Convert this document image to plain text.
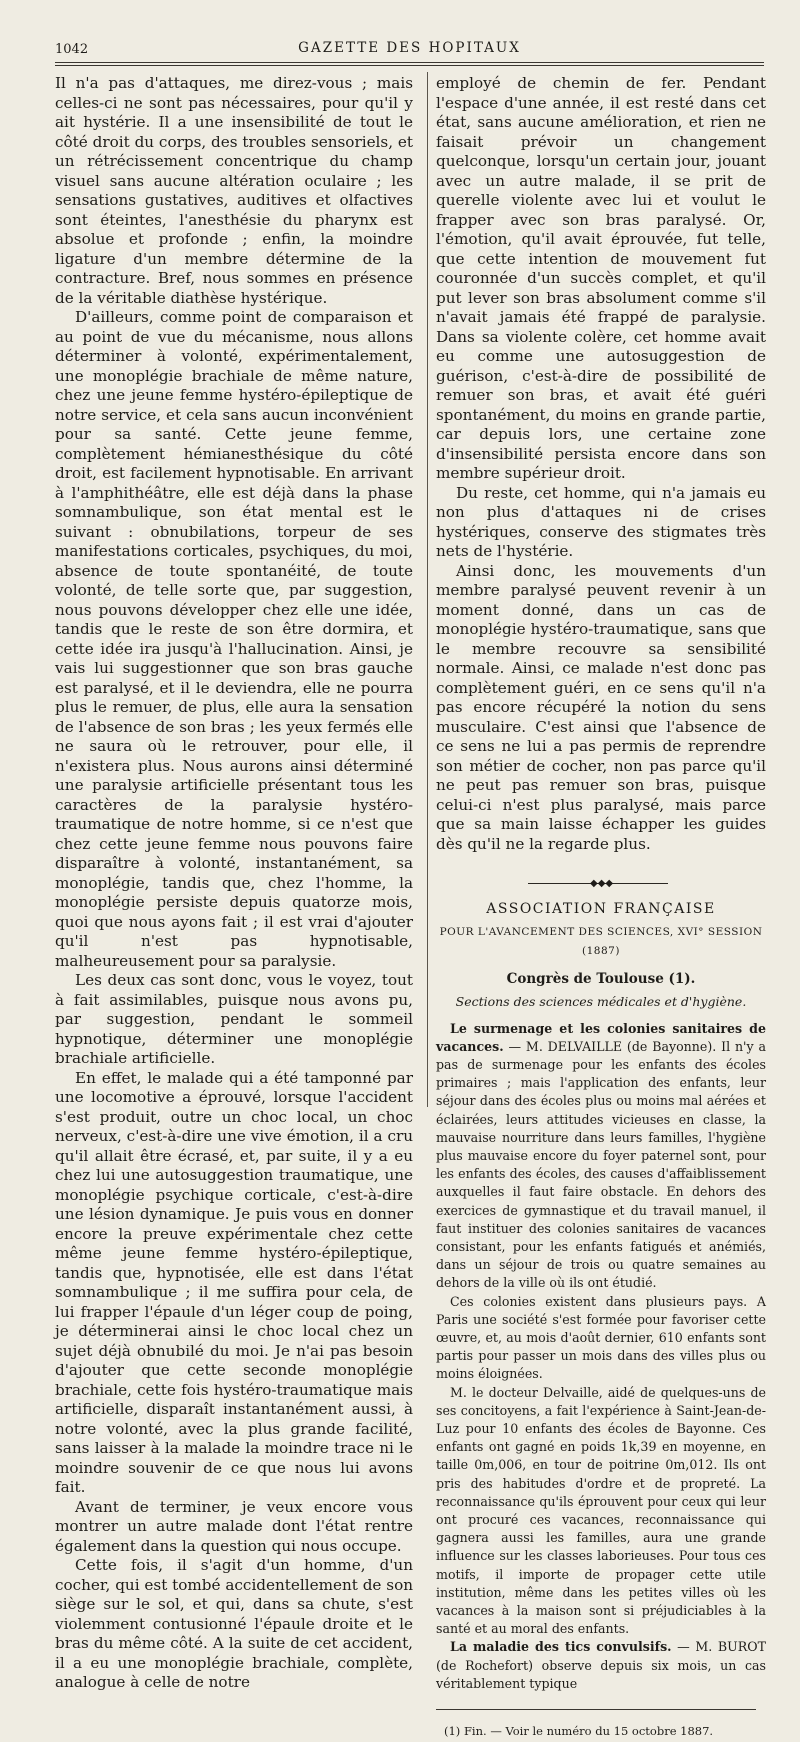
1042	GAZETTE DES HOPITAUX

Il n'a pas d'attaques, me direz-vous ; mais celles-ci ne sont pas nécessaires, pour qu'il y ait hystérie. Il a une insensibilité de tout le côté droit du corps, des troubles sensoriels, et un rétrécissement concentrique du champ visuel sans aucune altération oculaire ; les sensations gustatives, auditives et olfactives sont éteintes, l'anesthésie du pharynx est absolue et profonde ; enfin, la moindre ligature d'un membre détermine de la contracture. Bref, nous sommes en présence de la véritable diathèse hystérique.

D'ailleurs, comme point de comparaison et au point de vue du mécanisme, nous allons déterminer à volonté, expérimentalement, une monoplégie brachiale de même nature, chez une jeune femme hystéro-épileptique de notre service, et cela sans aucun inconvénient pour sa santé. Cette jeune femme, complètement hémianesthésique du côté droit, est facilement hypnotisable. En arrivant à l'amphithéâtre, elle est déjà dans la phase somnambulique, son état mental est le suivant : obnubilations, torpeur de ses manifestations corticales, psychiques, du moi, absence de toute spontanéité, de toute volonté, de telle sorte que, par suggestion, nous pouvons développer chez elle une idée, tandis que le reste de son être dormira, et cette idée ira jusqu'à l'hallucination. Ainsi, je vais lui suggestionner que son bras gauche est paralysé, et il le deviendra, elle ne pourra plus le remuer, de plus, elle aura la sensation de l'absence de son bras ; les yeux fermés elle ne saura où le retrouver, pour elle, il n'existera plus. Nous aurons ainsi déterminé une paralysie artificielle présentant tous les caractères de la paralysie hystéro-traumatique de notre homme, si ce n'est que chez cette jeune femme nous pouvons faire disparaître à volonté, instantanément, sa monoplégie, tandis que, chez l'homme, la monoplégie persiste depuis quatorze mois, quoi que nous ayons fait ; il est vrai d'ajouter qu'il n'est pas hypnotisable, malheureusement pour sa paralysie.

Les deux cas sont donc, vous le voyez, tout à fait assimilables, puisque nous avons pu, par suggestion, pendant le sommeil hypnotique, déterminer une monoplégie brachiale artificielle.

En effet, le malade qui a été tamponné par une locomotive a éprouvé, lorsque l'accident s'est produit, outre un choc local, un choc nerveux, c'est-à-dire une vive émotion, il a cru qu'il allait être écrasé, et, par suite, il y a eu chez lui une autosuggestion traumatique, une monoplégie psychique corticale, c'est-à-dire une lésion dynamique. Je puis vous en donner encore la preuve expérimentale chez cette même jeune femme hystéro-épileptique, tandis que, hypnotisée, elle est dans l'état somnambulique ; il me suffira pour cela, de lui frapper l'épaule d'un léger coup de poing, je déterminerai ainsi le choc local chez un sujet déjà obnubilé du moi. Je n'ai pas besoin d'ajouter que cette seconde monoplégie brachiale, cette fois hystéro-traumatique mais artificielle, disparaît instantanément aussi, à notre volonté, avec la plus grande facilité, sans laisser à la malade la moindre trace ni le moindre souvenir de ce que nous lui avons fait.

Avant de terminer, je veux encore vous montrer un autre malade dont l'état rentre également dans la question qui nous occupe.

Cette fois, il s'agit d'un homme, d'un cocher, qui est tombé accidentellement de son siège sur le sol, et qui, dans sa chute, s'est violemment contusionné l'épaule droite et le bras du même côté. A la suite de cet accident, il a eu une monoplégie brachiale, complète, analogue à celle de notre

employé de chemin de fer. Pendant l'espace d'une année, il est resté dans cet état, sans aucune amélioration, et rien ne faisait prévoir un changement quelconque, lorsqu'un certain jour, jouant avec un autre malade, il se prit de querelle violente avec lui et voulut le frapper avec son bras paralysé. Or, l'émotion, qu'il avait éprouvée, fut telle, que cette intention de mouvement fut couronnée d'un succès complet, et qu'il put lever son bras absolument comme s'il n'avait jamais été frappé de paralysie. Dans sa violente colère, cet homme avait eu comme une autosuggestion de guérison, c'est-à-dire de possibilité de remuer son bras, et avait été guéri spontanément, du moins en grande partie, car depuis lors, une certaine zone d'insensibilité persista encore dans son membre supérieur droit.

Du reste, cet homme, qui n'a jamais eu non plus d'attaques ni de crises hystériques, conserve des stigmates très nets de l'hystérie.

Ainsi donc, les mouvements d'un membre paralysé peuvent revenir à un moment donné, dans un cas de monoplégie hystéro-traumatique, sans que le membre recouvre sa sensibilité normale. Ainsi, ce malade n'est donc pas complètement guéri, en ce sens qu'il n'a pas encore récupéré la notion du sens musculaire. C'est ainsi que l'absence de ce sens ne lui a pas permis de reprendre son métier de cocher, non pas parce qu'il ne peut pas remuer son bras, puisque celui-ci n'est plus paralysé, mais parce que sa main laisse échapper les guides dès qu'il ne la regarde plus.

◆◆◆
ASSOCIATION FRANÇAISE
POUR L'AVANCEMENT DES SCIENCES, XVI° SESSION (1887)
Congrès de Toulouse (1).
Sections des sciences médicales et d'hygiène.

Le surmenage et les colonies sanitaires de vacances. — M. DELVAILLE (de Bayonne). Il n'y a pas de surmenage pour les enfants des écoles primaires ; mais l'application des enfants, leur séjour dans des écoles plus ou moins mal aérées et éclairées, leurs attitudes vicieuses en classe, la mauvaise nourriture dans leurs familles, l'hygiène plus mauvaise encore du foyer paternel sont, pour les enfants des écoles, des causes d'affaiblissement auxquelles il faut faire obstacle. En dehors des exercices de gymnastique et du travail manuel, il faut instituer des colonies sanitaires de vacances consistant, pour les enfants fatigués et anémiés, dans un séjour de trois ou quatre semaines au dehors de la ville où ils ont étudié.

Ces colonies existent dans plusieurs pays. A Paris une société s'est formée pour favoriser cette œuvre, et, au mois d'août dernier, 610 enfants sont partis pour passer un mois dans des villes plus ou moins éloignées.

M. le docteur Delvaille, aidé de quelques-uns de ses concitoyens, a fait l'expérience à Saint-Jean-de-Luz pour 10 enfants des écoles de Bayonne. Ces enfants ont gagné en poids 1k,39 en moyenne, en taille 0m,006, en tour de poitrine 0m,012. Ils ont pris des habitudes d'ordre et de propreté. La reconnaissance qu'ils éprouvent pour ceux qui leur ont procuré ces vacances, reconnaissance qui gagnera aussi les familles, aura une grande influence sur les classes laborieuses. Pour tous ces motifs, il importe de propager cette utile institution, même dans les petites villes où les vacances à la maison sont si préjudiciables à la santé et au moral des enfants.

La maladie des tics convulsifs. — M. BUROT (de Rochefort) observe depuis six mois, un cas véritablement typique

(1) Fin. — Voir le numéro du 15 octobre 1887.
